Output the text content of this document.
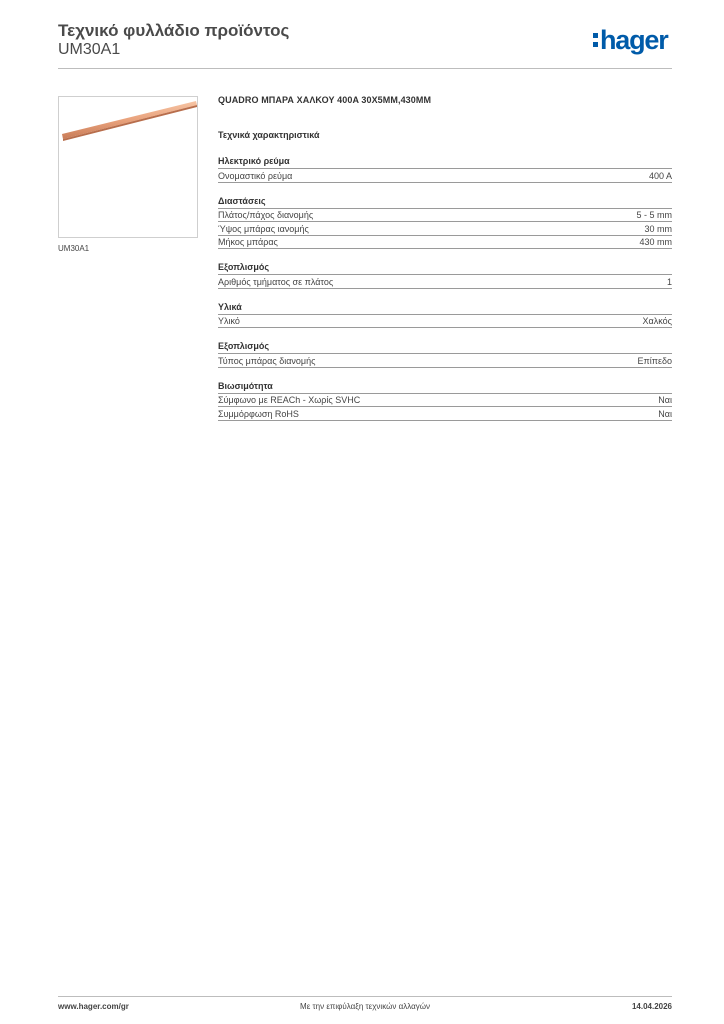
Τεχνικό φυλλάδιο προϊόντος
UM30A1	hager
UM30A1
QUADRO ΜΠΑΡΑ ΧΑΛΚΟΥ 400A 30X5MM,430MM
Τεχνικά χαρακτηριστικά
Ηλεκτρικό ρεύμα
Ονομαστικό ρεύμα	400 A
Διαστάσεις
Πλάτος/πάχος διανομής	5 - 5 mm
Ύψος μπάρας ιανομής	30 mm
Μήκος μπάρας	430 mm
Εξοπλισμός
Αριθμός τμήματος σε πλάτος	1
Υλικά
Υλικό	Χαλκός
Εξοπλισμός
Τύπος μπάρας διανομής	Επίπεδο
Βιωσιμότητα
Σύμφωνο με REACh - Χωρίς SVHC	Ναι
Συμμόρφωση RoHS	Ναι
www.hager.com/gr	Με την επιφύλαξη τεχνικών αλλαγών	14.04.2026
